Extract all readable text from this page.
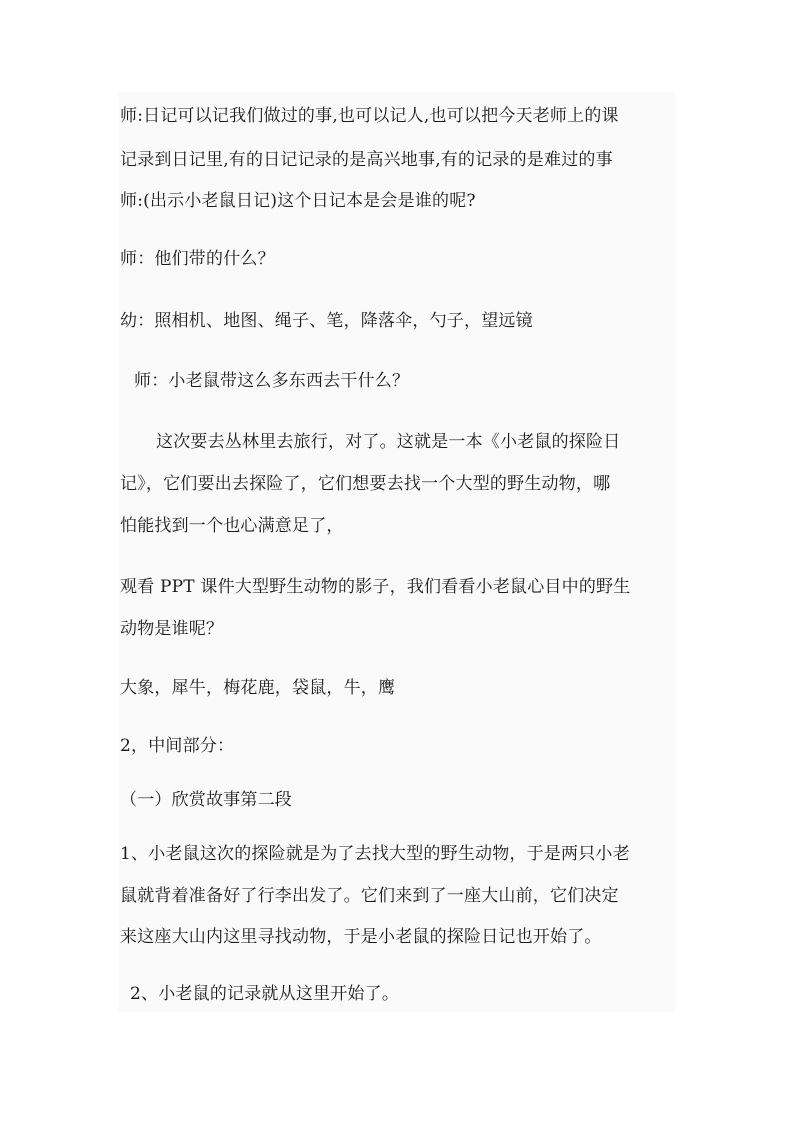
师:日记可以记我们做过的事,也可以记人,也可以把今天老师上的课
记录到日记里,有的日记记录的是高兴地事,有的记录的是难过的事
师:(出示小老鼠日记)这个日记本是会是谁的呢?
师：他们带的什么？
幼：照相机、地图、绳子、笔，降落伞，勺子，望远镜
师：小老鼠带这么多东西去干什么？
这次要去丛林里去旅行，对了。这就是一本《小老鼠的探险日
记》，它们要出去探险了，它们想要去找一个大型的野生动物，哪
怕能找到一个也心满意足了，
观看 PPT 课件大型野生动物的影子，我们看看小老鼠心目中的野生
动物是谁呢？
大象，犀牛，梅花鹿，袋鼠，牛，鹰
2，中间部分：
（一）欣赏故事第二段
1、小老鼠这次的探险就是为了去找大型的野生动物，于是两只小老
鼠就背着准备好了行李出发了。它们来到了一座大山前，它们决定
来这座大山内这里寻找动物，于是小老鼠的探险日记也开始了。
2、小老鼠的记录就从这里开始了。
